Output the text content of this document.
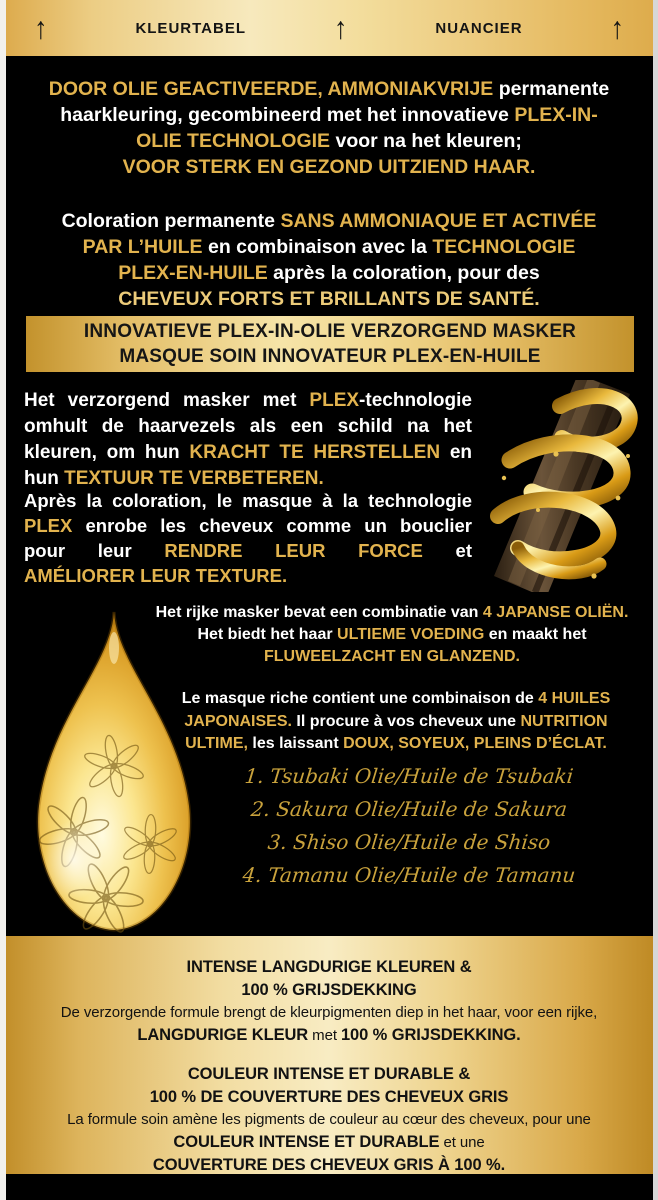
↑	KLEURTABEL	↑	NUANCIER	↑
DOOR OLIE GEACTIVEERDE, AMMONIAKVRIJE permanente
haarkleuring, gecombineerd met het innovatieve PLEX-IN-
OLIE TECHNOLOGIE voor na het kleuren;
VOOR STERK EN GEZOND UITZIEND HAAR.
Coloration permanente SANS AMMONIAQUE ET ACTIVÉE
PAR L’HUILE en combinaison avec la TECHNOLOGIE
PLEX-EN-HUILE après la coloration, pour des
CHEVEUX FORTS ET BRILLANTS DE SANTÉ.
INNOVATIEVE PLEX-IN-OLIE VERZORGEND MASKER
MASQUE SOIN INNOVATEUR PLEX-EN-HUILE
Het verzorgend masker met PLEX-technologie
omhult de haarvezels als een schild na het
kleuren, om hun KRACHT TE HERSTELLEN en
hun TEXTUUR TE VERBETEREN.
Après la coloration, le masque à la technologie
PLEX enrobe les cheveux comme un bouclier
pour leur RENDRE LEUR FORCE et
AMÉLIORER LEUR TEXTURE.
Het rijke masker bevat een combinatie van 4 JAPANSE OLIËN.
Het biedt het haar ULTIEME VOEDING en maakt het
FLUWEELZACHT EN GLANZEND.
Le masque riche contient une combinaison de 4 HUILES
JAPONAISES. Il procure à vos cheveux une NUTRITION
ULTIME, les laissant DOUX, SOYEUX, PLEINS D’ÉCLAT.
1. Tsubaki Olie/Huile de Tsubaki
2. Sakura Olie/Huile de Sakura
3. Shiso Olie/Huile de Shiso
4. Tamanu Olie/Huile de Tamanu
INTENSE LANGDURIGE KLEUREN &
100 % GRIJSDEKKING
De verzorgende formule brengt de kleurpigmenten diep in het haar, voor een rijke,
LANGDURIGE KLEUR met 100 % GRIJSDEKKING.
COULEUR INTENSE ET DURABLE &
100 % DE COUVERTURE DES CHEVEUX GRIS
La formule soin amène les pigments de couleur au cœur des cheveux, pour une
COULEUR INTENSE ET DURABLE et une
COUVERTURE DES CHEVEUX GRIS À 100 %.
